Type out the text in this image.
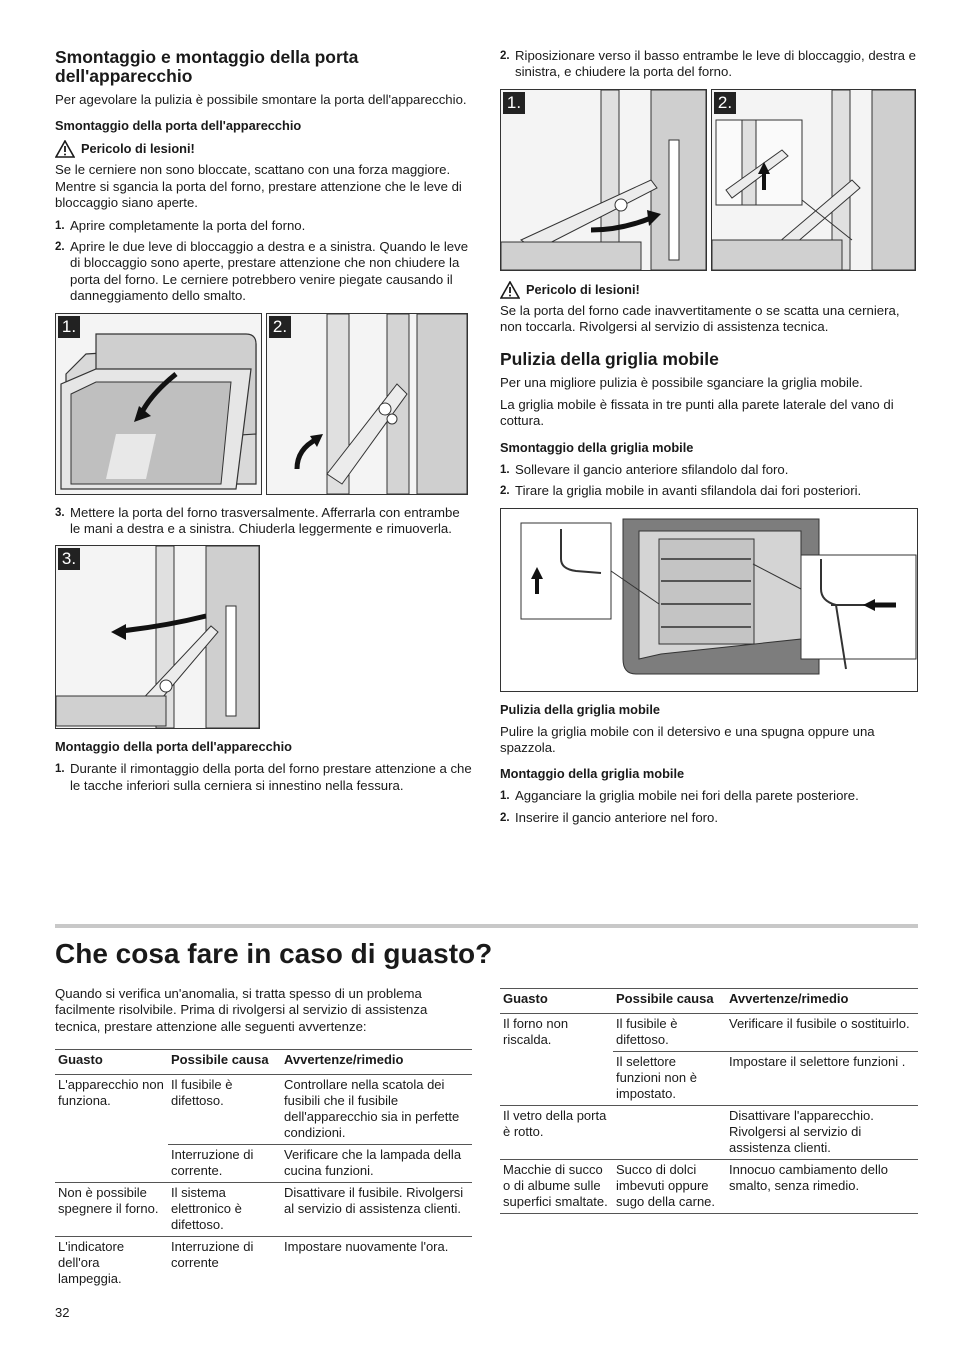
Smontaggio e montaggio della porta dell'apparecchio

Per agevolare la pulizia è possibile smontare la porta dell'apparecchio.

Smontaggio della porta dell'apparecchio
Pericolo di lesioni!

Se le cerniere non sono bloccate, scattano con una forza maggiore. Mentre si sgancia la porta del forno, prestare attenzione che le leve di bloccaggio siano aperte.

1. Aprire completamente la porta del forno.
2. Aprire le due leve di bloccaggio a destra e a sinistra. Quando le leve di bloccaggio sono aperte, prestare attenzione che non chiudere la porta del forno. Le cerniere potrebbero venire piegate causando il danneggiamento dello smalto.
1.	2.
3. Mettere la porta del forno trasversalmente. Afferrarla con entrambe le mani a destra e a sinistra. Chiuderla leggermente e rimuoverla.
3.
Montaggio della porta dell'apparecchio
1. Durante il rimontaggio della porta del forno prestare attenzione a che le tacche inferiori sulla cerniera si innestino nella fessura.
2. Riposizionare verso il basso entrambe le leve di bloccaggio, destra e sinistra, e chiudere la porta del forno.
1.	2.
Pericolo di lesioni!

Se la porta del forno cade inavvertitamente o se scatta una cerniera, non toccarla. Rivolgersi al servizio di assistenza tecnica.

Pulizia della griglia mobile

Per una migliore pulizia è possibile sganciare la griglia mobile.

La griglia mobile è fissata in tre punti alla parete laterale del vano di cottura.

Smontaggio della griglia mobile
1. Sollevare il gancio anteriore sfilandolo dal foro.
2. Tirare la griglia mobile in avanti sfilandola dai fori posteriori.
Pulizia della griglia mobile

Pulire la griglia mobile con il detersivo e una spugna oppure una spazzola.

Montaggio della griglia mobile
1. Agganciare la griglia mobile nei fori della parete posteriore.
2. Inserire il gancio anteriore nel foro.
Che cosa fare in caso di guasto?

Quando si verifica un'anomalia, si tratta spesso di un problema facilmente risolvibile. Prima di rivolgersi al servizio di assistenza tecnica, prestare attenzione alle seguenti avvertenze:

Guasto	Possibile causa	Avvertenze/rimedio
L'apparecchio non funziona.	Il fusibile è difettoso.	Controllare nella scatola dei fusibili che il fusibile dell'apparecchio sia in perfette condizioni.
	Interruzione di corrente.	Verificare che la lampada della cucina funzioni.
Non è possibile spegnere il forno.	Il sistema elettronico è difettoso.	Disattivare il fusibile. Rivolgersi al servizio di assistenza clienti.
L'indicatore dell'ora lampeggia.	Interruzione di corrente	Impostare nuovamente l'ora.
Guasto	Possibile causa	Avvertenze/rimedio
Il forno non riscalda.	Il fusibile è difettoso.	Verificare il fusibile o sostituirlo.
	Il selettore funzioni non è impostato.	Impostare il selettore funzioni .
Il vetro della porta è rotto.		Disattivare l'apparecchio. Rivolgersi al servizio di assistenza clienti.
Macchie di succo o di albume sulle superfici smaltate.	Succo di dolci imbevuti oppure sugo della carne.	Innocuo cambiamento dello smalto, senza rimedio.
32
